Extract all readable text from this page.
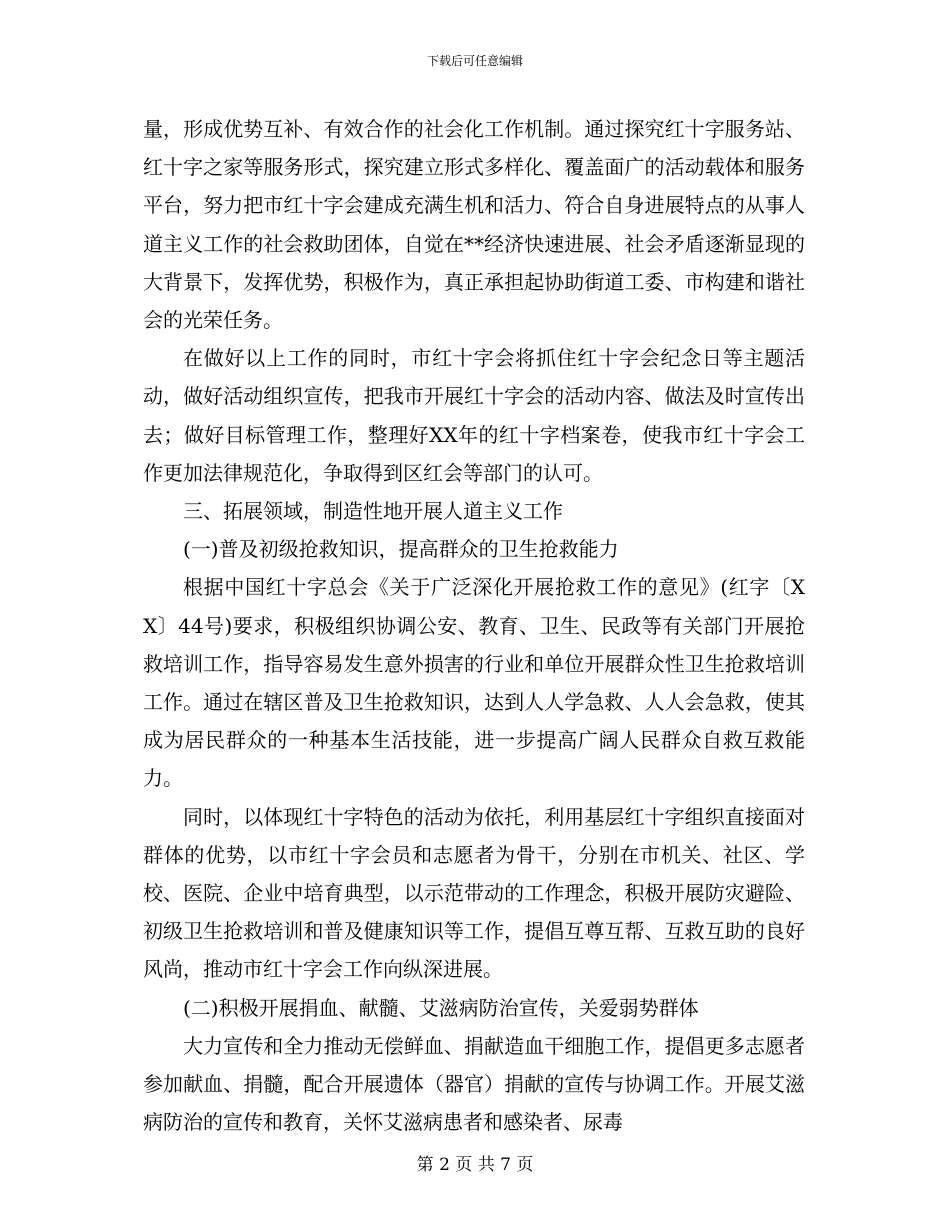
下载后可任意编辑

量，形成优势互补、有效合作的社会化工作机制。通过探究红十字服务站、红十字之家等服务形式，探究建立形式多样化、覆盖面广的活动载体和服务平台，努力把市红十字会建成充满生机和活力、符合自身进展特点的从事人道主义工作的社会救助团体，自觉在**经济快速进展、社会矛盾逐渐显现的大背景下，发挥优势，积极作为，真正承担起协助街道工委、市构建和谐社会的光荣任务。

在做好以上工作的同时，市红十字会将抓住红十字会纪念日等主题活动，做好活动组织宣传，把我市开展红十字会的活动内容、做法及时宣传出去；做好目标管理工作，整理好XX年的红十字档案卷，使我市红十字会工作更加法律规范化，争取得到区红会等部门的认可。

三、拓展领域，制造性地开展人道主义工作

(一)普及初级抢救知识，提高群众的卫生抢救能力

根据中国红十字总会《关于广泛深化开展抢救工作的意见》(红字〔XX〕44号)要求，积极组织协调公安、教育、卫生、民政等有关部门开展抢救培训工作，指导容易发生意外损害的行业和单位开展群众性卫生抢救培训工作。通过在辖区普及卫生抢救知识，达到人人学急救、人人会急救，使其成为居民群众的一种基本生活技能，进一步提高广阔人民群众自救互救能力。

同时，以体现红十字特色的活动为依托，利用基层红十字组织直接面对群体的优势，以市红十字会员和志愿者为骨干，分别在市机关、社区、学校、医院、企业中培育典型，以示范带动的工作理念，积极开展防灾避险、初级卫生抢救培训和普及健康知识等工作，提倡互尊互帮、互救互助的良好风尚，推动市红十字会工作向纵深进展。

(二)积极开展捐血、献髓、艾滋病防治宣传，关爱弱势群体

大力宣传和全力推动无偿鲜血、捐献造血干细胞工作，提倡更多志愿者参加献血、捐髓，配合开展遗体（器官）捐献的宣传与协调工作。开展艾滋病防治的宣传和教育，关怀艾滋病患者和感染者、尿毒

第 2 页 共 7 页
